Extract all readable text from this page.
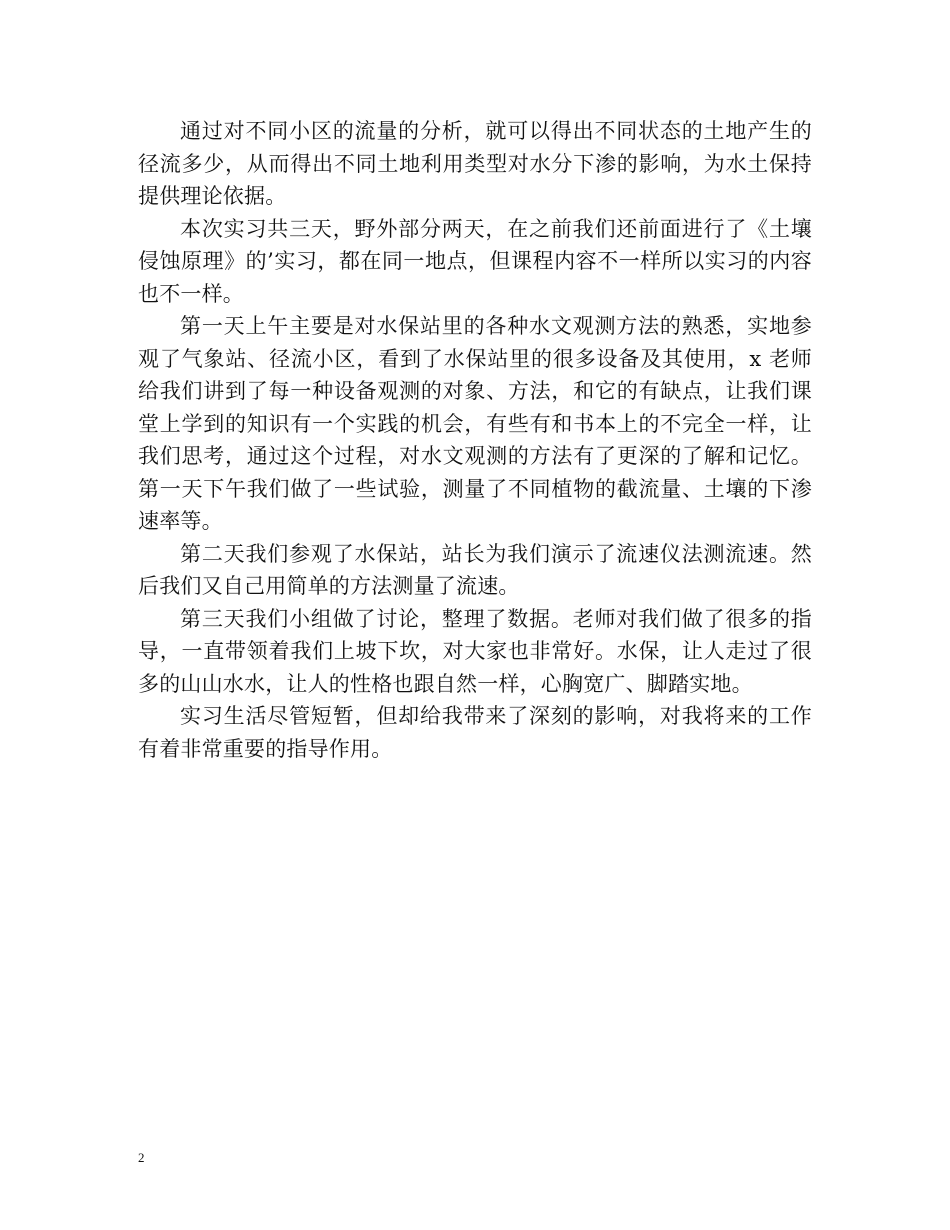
通过对不同小区的流量的分析，就可以得出不同状态的土地产生的径流多少，从而得出不同土地利用类型对水分下渗的影响，为水土保持提供理论依据。

本次实习共三天，野外部分两天，在之前我们还前面进行了《土壤侵蚀原理》的’实习，都在同一地点，但课程内容不一样所以实习的内容也不一样。

第一天上午主要是对水保站里的各种水文观测方法的熟悉，实地参观了气象站、径流小区，看到了水保站里的很多设备及其使用，x 老师给我们讲到了每一种设备观测的对象、方法，和它的有缺点，让我们课堂上学到的知识有一个实践的机会，有些有和书本上的不完全一样，让我们思考，通过这个过程，对水文观测的方法有了更深的了解和记忆。第一天下午我们做了一些试验，测量了不同植物的截流量、土壤的下渗速率等。

第二天我们参观了水保站，站长为我们演示了流速仪法测流速。然后我们又自己用简单的方法测量了流速。

第三天我们小组做了讨论，整理了数据。老师对我们做了很多的指导，一直带领着我们上坡下坎，对大家也非常好。水保，让人走过了很多的山山水水，让人的性格也跟自然一样，心胸宽广、脚踏实地。

实习生活尽管短暂，但却给我带来了深刻的影响，对我将来的工作有着非常重要的指导作用。

2
